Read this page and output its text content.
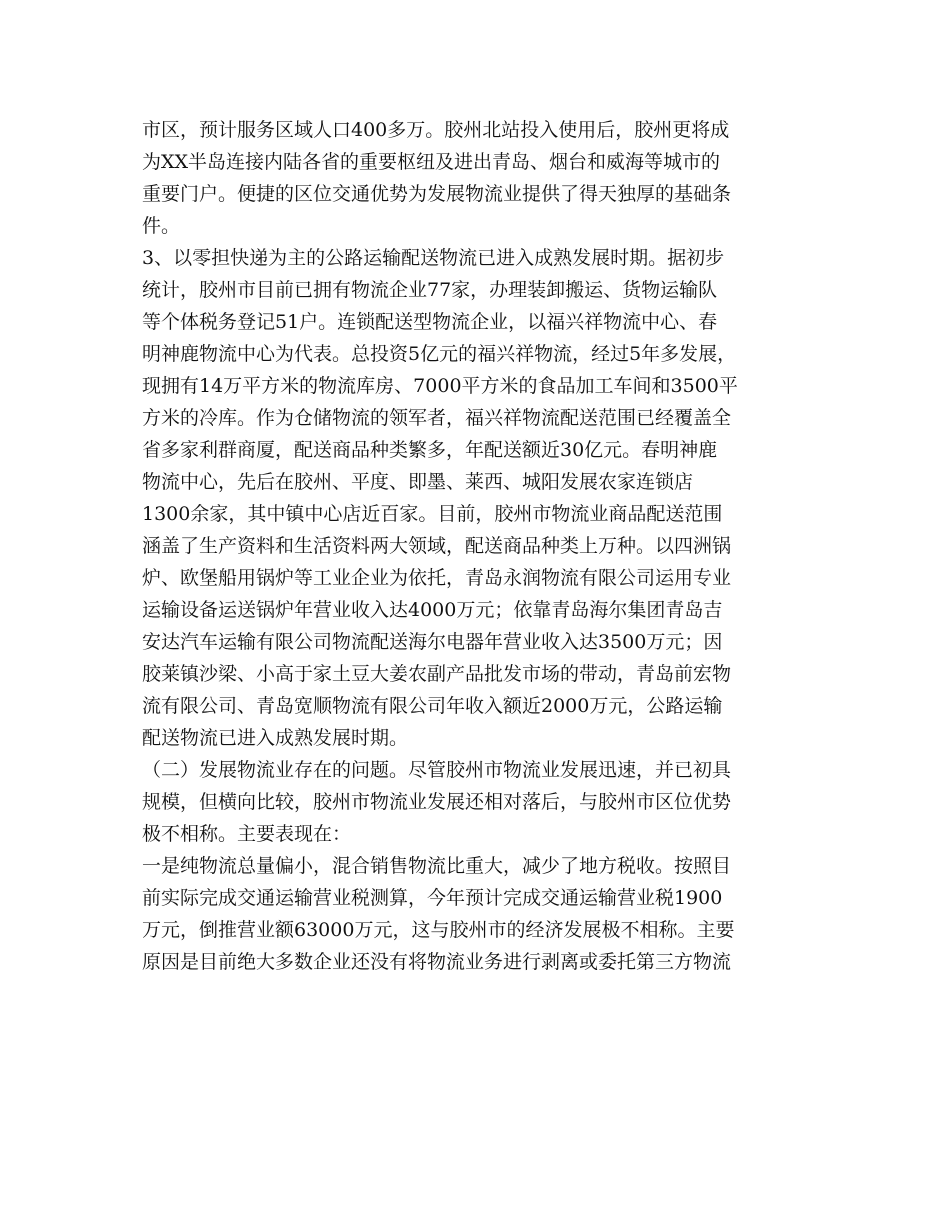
市区，预计服务区域人口400多万。胶州北站投入使用后，胶州更将成
为XX半岛连接内陆各省的重要枢纽及进出青岛、烟台和威海等城市的
重要门户。便捷的区位交通优势为发展物流业提供了得天独厚的基础条
件。
3、以零担快递为主的公路运输配送物流已进入成熟发展时期。据初步
统计，胶州市目前已拥有物流企业77家，办理装卸搬运、货物运输队
等个体税务登记51户。连锁配送型物流企业，以福兴祥物流中心、春
明神鹿物流中心为代表。总投资5亿元的福兴祥物流，经过5年多发展，
现拥有14万平方米的物流库房、7000平方米的食品加工车间和3500平
方米的冷库。作为仓储物流的领军者，福兴祥物流配送范围已经覆盖全
省多家利群商厦，配送商品种类繁多，年配送额近30亿元。春明神鹿
物流中心，先后在胶州、平度、即墨、莱西、城阳发展农家连锁店
1300余家，其中镇中心店近百家。目前，胶州市物流业商品配送范围
涵盖了生产资料和生活资料两大领域，配送商品种类上万种。以四洲锅
炉、欧堡船用锅炉等工业企业为依托，青岛永润物流有限公司运用专业
运输设备运送锅炉年营业收入达4000万元；依靠青岛海尔集团青岛吉
安达汽车运输有限公司物流配送海尔电器年营业收入达3500万元；因
胶莱镇沙梁、小高于家土豆大姜农副产品批发市场的带动，青岛前宏物
流有限公司、青岛宽顺物流有限公司年收入额近2000万元，公路运输
配送物流已进入成熟发展时期。
（二）发展物流业存在的问题。尽管胶州市物流业发展迅速，并已初具
规模，但横向比较，胶州市物流业发展还相对落后，与胶州市区位优势
极不相称。主要表现在：
一是纯物流总量偏小，混合销售物流比重大，减少了地方税收。按照目
前实际完成交通运输营业税测算，今年预计完成交通运输营业税1900
万元，倒推营业额63000万元，这与胶州市的经济发展极不相称。主要
原因是目前绝大多数企业还没有将物流业务进行剥离或委托第三方物流
